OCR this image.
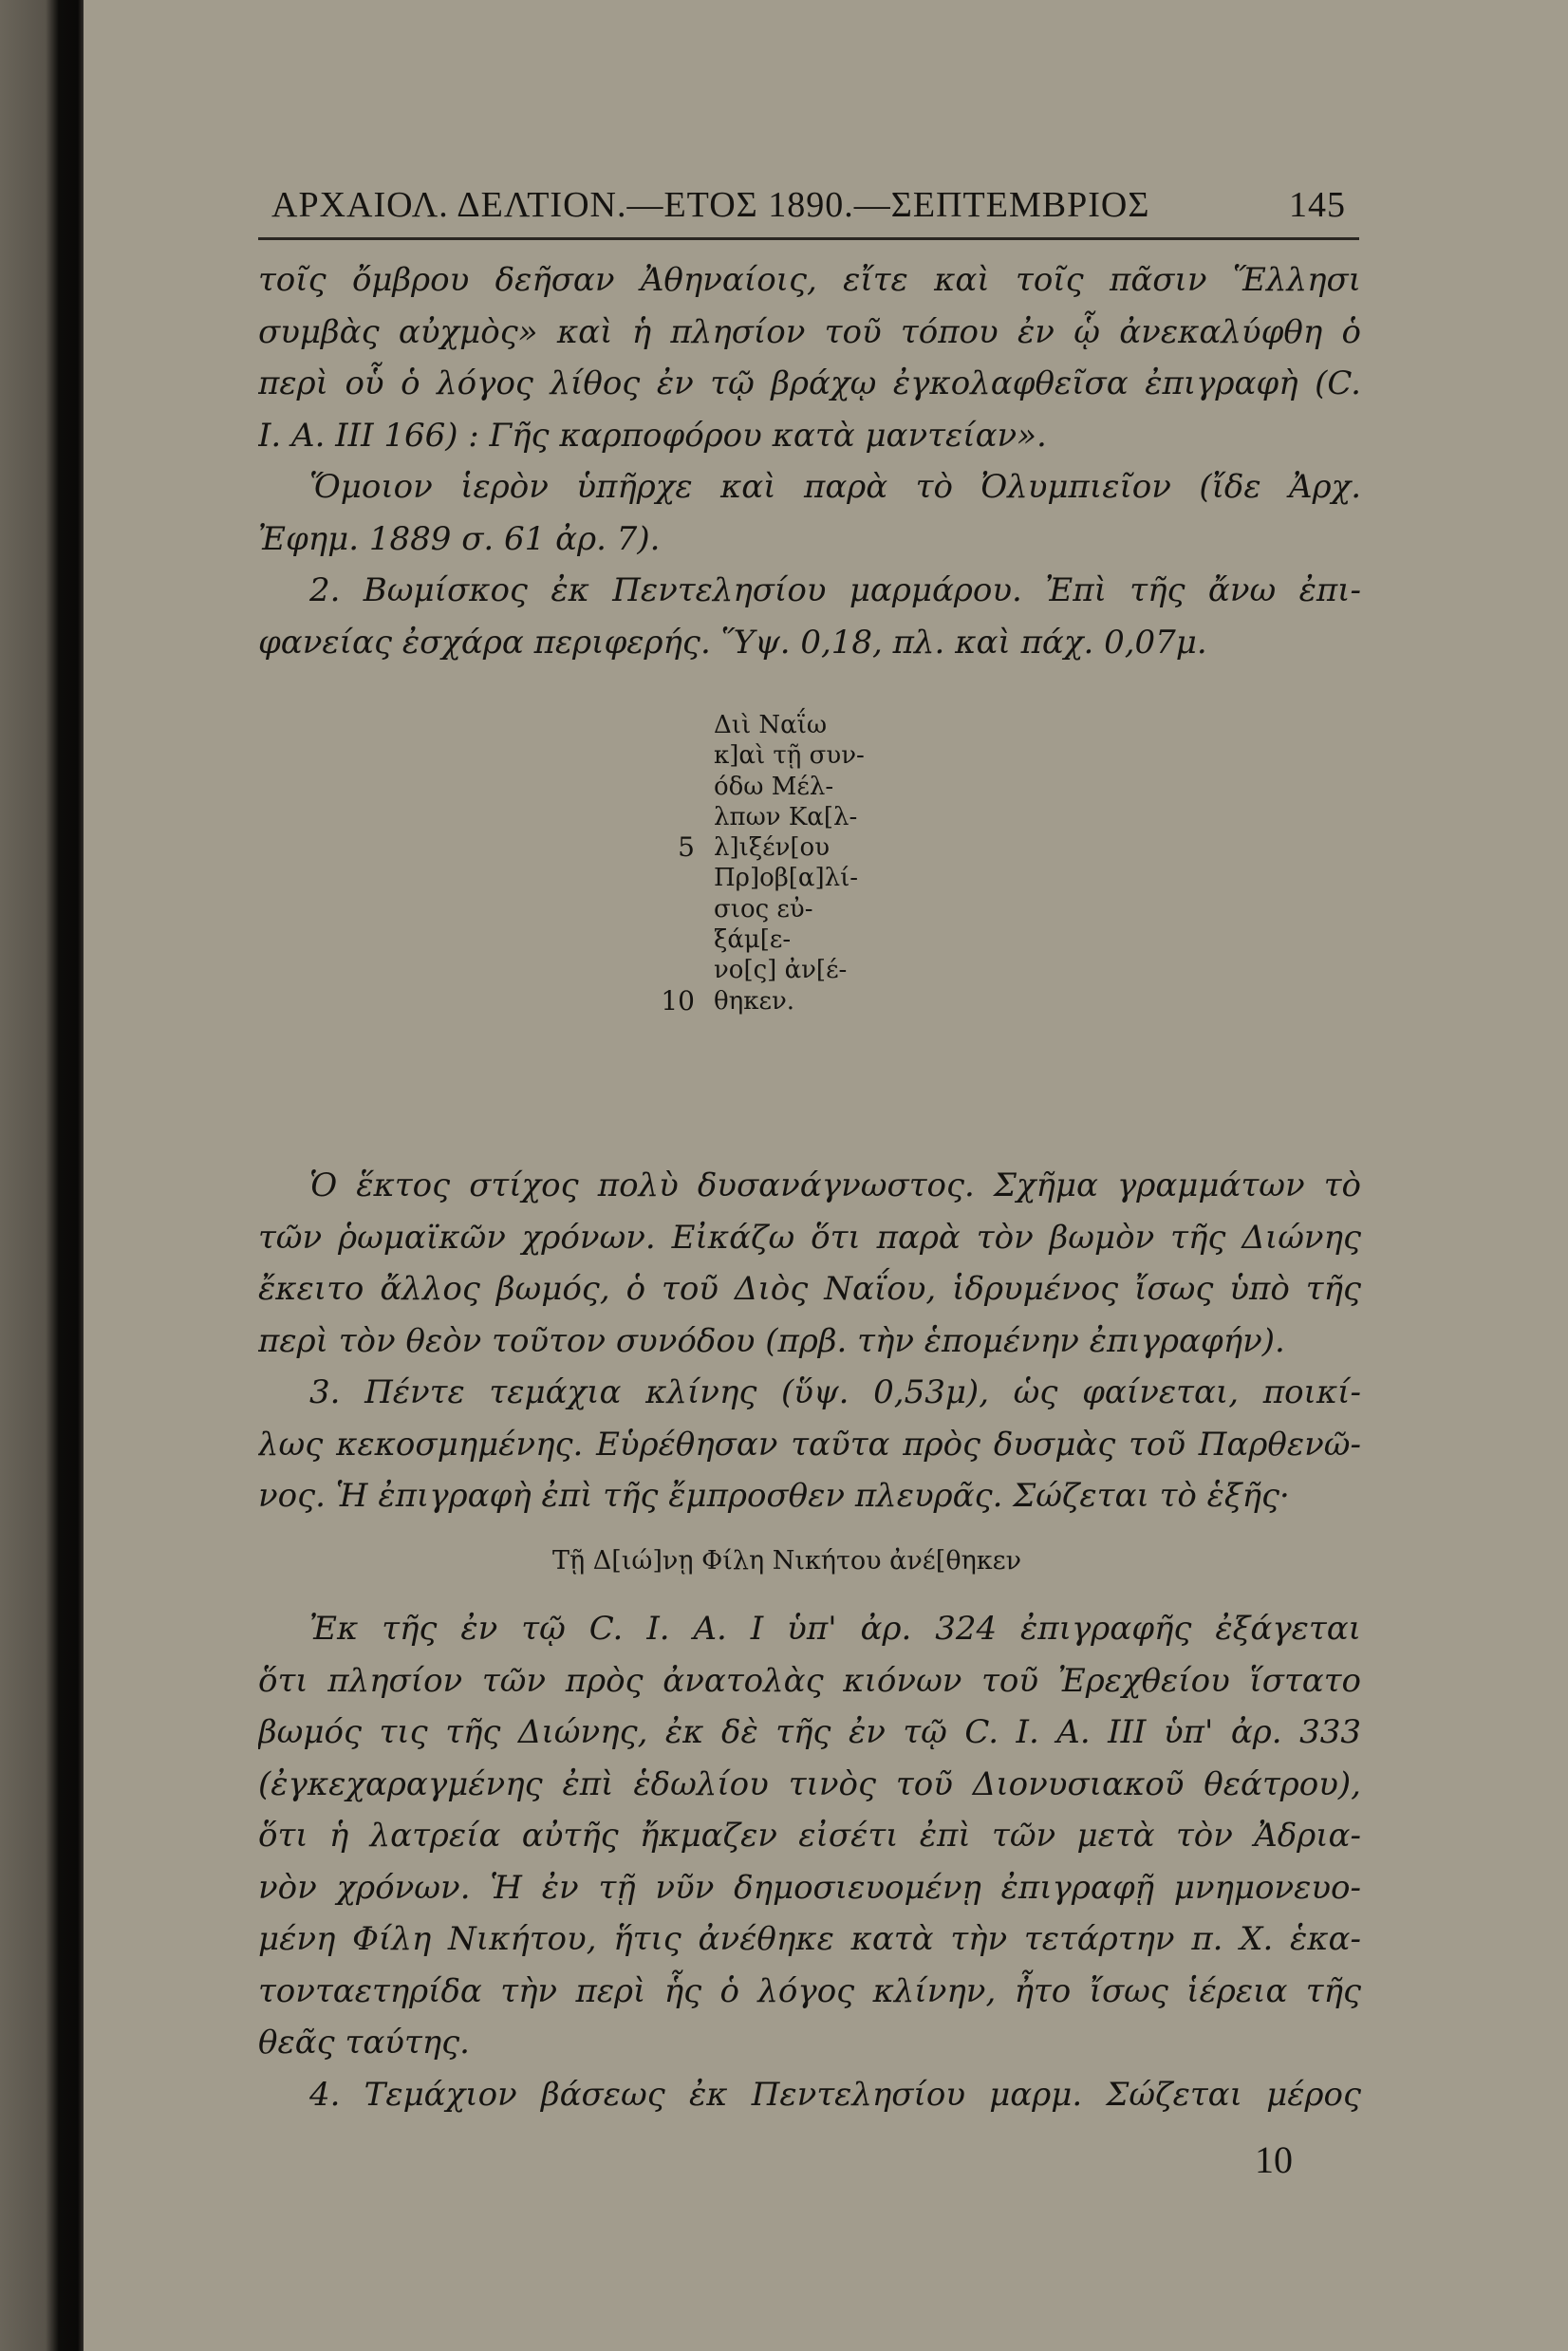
ΑΡΧΑΙΟΛ. ΔΕΛΤΙΟΝ.—ΕΤΟΣ 1890.—ΣΕΠΤΕΜΒΡΙΟΣ	145
τοῖς ὄμβρου δεῆσαν Ἀθηναίοις, εἴτε καὶ τοῖς πᾶσιν Ἕλλησι
συμβὰς αὐχμὸς» καὶ ἡ πλησίον τοῦ τόπου ἐν ᾧ ἀνεκαλύφθη ὁ
περὶ οὗ ὁ λόγος λίθος ἐν τῷ βράχῳ ἐγκολαφθεῖσα ἐπιγραφὴ (C.
I. A. III 166) : Γῆς καρποφόρου κατὰ μαντείαν».
Ὅμοιον ἱερὸν ὑπῆρχε καὶ παρὰ τὸ Ὀλυμπιεῖον (ἴδε Ἀρχ.
Ἐφημ. 1889 σ. 61 ἀρ. 7).
2. Βωμίσκος ἐκ Πεντελησίου μαρμάρου. Ἐπὶ τῆς ἄνω ἐπι-
φανείας ἐσχάρα περιφερής. Ὕψ. 0,18, πλ. καὶ πάχ. 0,07μ.
Διὶ Ναΐω
κ]αὶ τῇ συν-
όδω Μέλ-
λπων Κα[λ-
5 λ]ιξέν[ου
Πρ]οβ[α]λί-
σιος εὐ-
ξάμ[ε-
νο[ς] ἀν[έ-
10 θηκεν.
Ὁ ἕκτος στίχος πολὺ δυσανάγνωστος. Σχῆμα γραμμάτων τὸ
τῶν ῥωμαϊκῶν χρόνων. Εἰκάζω ὅτι παρὰ τὸν βωμὸν τῆς Διώνης
ἔκειτο ἄλλος βωμός, ὁ τοῦ Διὸς Ναΐου, ἱδρυμένος ἴσως ὑπὸ τῆς
περὶ τὸν θεὸν τοῦτον συνόδου (πρβ. τὴν ἑπομένην ἐπιγραφήν).
3. Πέντε τεμάχια κλίνης (ὕψ. 0,53μ), ὡς φαίνεται, ποικί-
λως κεκοσμημένης. Εὑρέθησαν ταῦτα πρὸς δυσμὰς τοῦ Παρθενῶ-
νος. Ἡ ἐπιγραφὴ ἐπὶ τῆς ἔμπροσθεν πλευρᾶς. Σώζεται τὸ ἑξῆς·
Τῇ Δ[ιώ]νῃ Φίλη Νικήτου ἀνέ[θηκεν
Ἐκ τῆς ἐν τῷ C. I. A. I ὑπ' ἀρ. 324 ἐπιγραφῆς ἐξάγεται
ὅτι πλησίον τῶν πρὸς ἀνατολὰς κιόνων τοῦ Ἐρεχθείου ἵστατο
βωμός τις τῆς Διώνης, ἐκ δὲ τῆς ἐν τῷ C. I. A. III ὑπ' ἀρ. 333
(ἐγκεχαραγμένης ἐπὶ ἑδωλίου τινὸς τοῦ Διονυσιακοῦ θεάτρου),
ὅτι ἡ λατρεία αὐτῆς ἤκμαζεν εἰσέτι ἐπὶ τῶν μετὰ τὸν Ἀδρια-
νὸν χρόνων. Ἡ ἐν τῇ νῦν δημοσιευομένῃ ἐπιγραφῇ μνημονευο-
μένη Φίλη Νικήτου, ἥτις ἀνέθηκε κατὰ τὴν τετάρτην π. Χ. ἑκα-
τονταετηρίδα τὴν περὶ ἧς ὁ λόγος κλίνην, ἦτο ἴσως ἱέρεια τῆς
θεᾶς ταύτης.
4. Τεμάχιον βάσεως ἐκ Πεντελησίου μαρμ. Σώζεται μέρος
10
